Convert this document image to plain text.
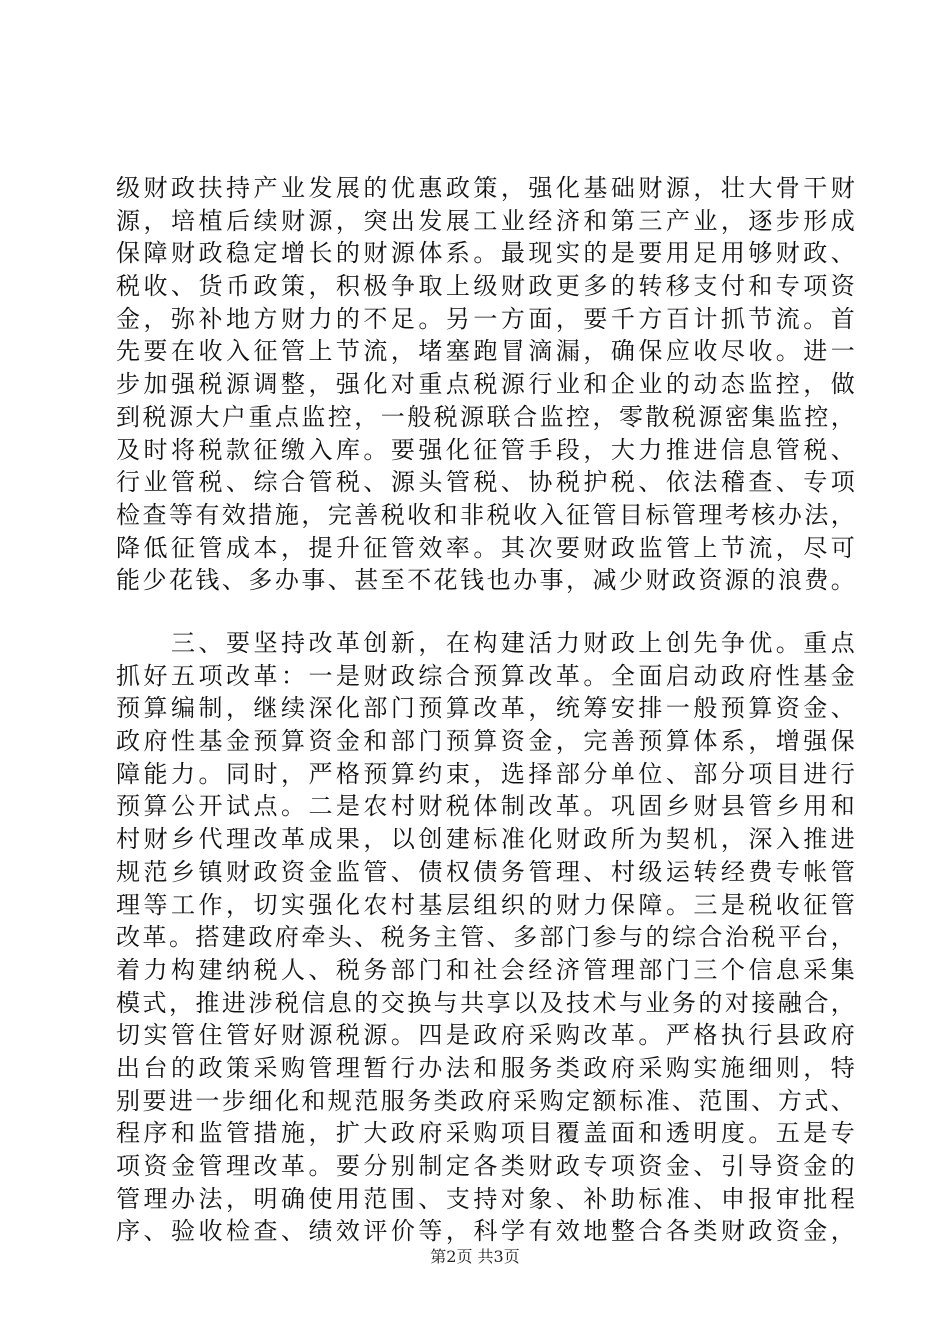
级财政扶持产业发展的优惠政策，强化基础财源，壮大骨干财
源，培植后续财源，突出发展工业经济和第三产业，逐步形成
保障财政稳定增长的财源体系。最现实的是要用足用够财政、
税收、货币政策，积极争取上级财政更多的转移支付和专项资
金，弥补地方财力的不足。另一方面，要千方百计抓节流。首
先要在收入征管上节流，堵塞跑冒滴漏，确保应收尽收。进一
步加强税源调整，强化对重点税源行业和企业的动态监控，做
到税源大户重点监控，一般税源联合监控，零散税源密集监控，
及时将税款征缴入库。要强化征管手段，大力推进信息管税、
行业管税、综合管税、源头管税、协税护税、依法稽查、专项
检查等有效措施，完善税收和非税收入征管目标管理考核办法，
降低征管成本，提升征管效率。其次要财政监管上节流，尽可
能少花钱、多办事、甚至不花钱也办事，减少财政资源的浪费。
　　三、要坚持改革创新，在构建活力财政上创先争优。重点
抓好五项改革：一是财政综合预算改革。全面启动政府性基金
预算编制，继续深化部门预算改革，统筹安排一般预算资金、
政府性基金预算资金和部门预算资金，完善预算体系，增强保
障能力。同时，严格预算约束，选择部分单位、部分项目进行
预算公开试点。二是农村财税体制改革。巩固乡财县管乡用和
村财乡代理改革成果，以创建标准化财政所为契机，深入推进
规范乡镇财政资金监管、债权债务管理、村级运转经费专帐管
理等工作，切实强化农村基层组织的财力保障。三是税收征管
改革。搭建政府牵头、税务主管、多部门参与的综合治税平台，
着力构建纳税人、税务部门和社会经济管理部门三个信息采集
模式，推进涉税信息的交换与共享以及技术与业务的对接融合，
切实管住管好财源税源。四是政府采购改革。严格执行县政府
出台的政策采购管理暂行办法和服务类政府采购实施细则，特
别要进一步细化和规范服务类政府采购定额标准、范围、方式、
程序和监管措施，扩大政府采购项目覆盖面和透明度。五是专
项资金管理改革。要分别制定各类财政专项资金、引导资金的
管理办法，明确使用范围、支持对象、补助标准、申报审批程
序、验收检查、绩效评价等，科学有效地整合各类财政资金，
第2页 共3页
